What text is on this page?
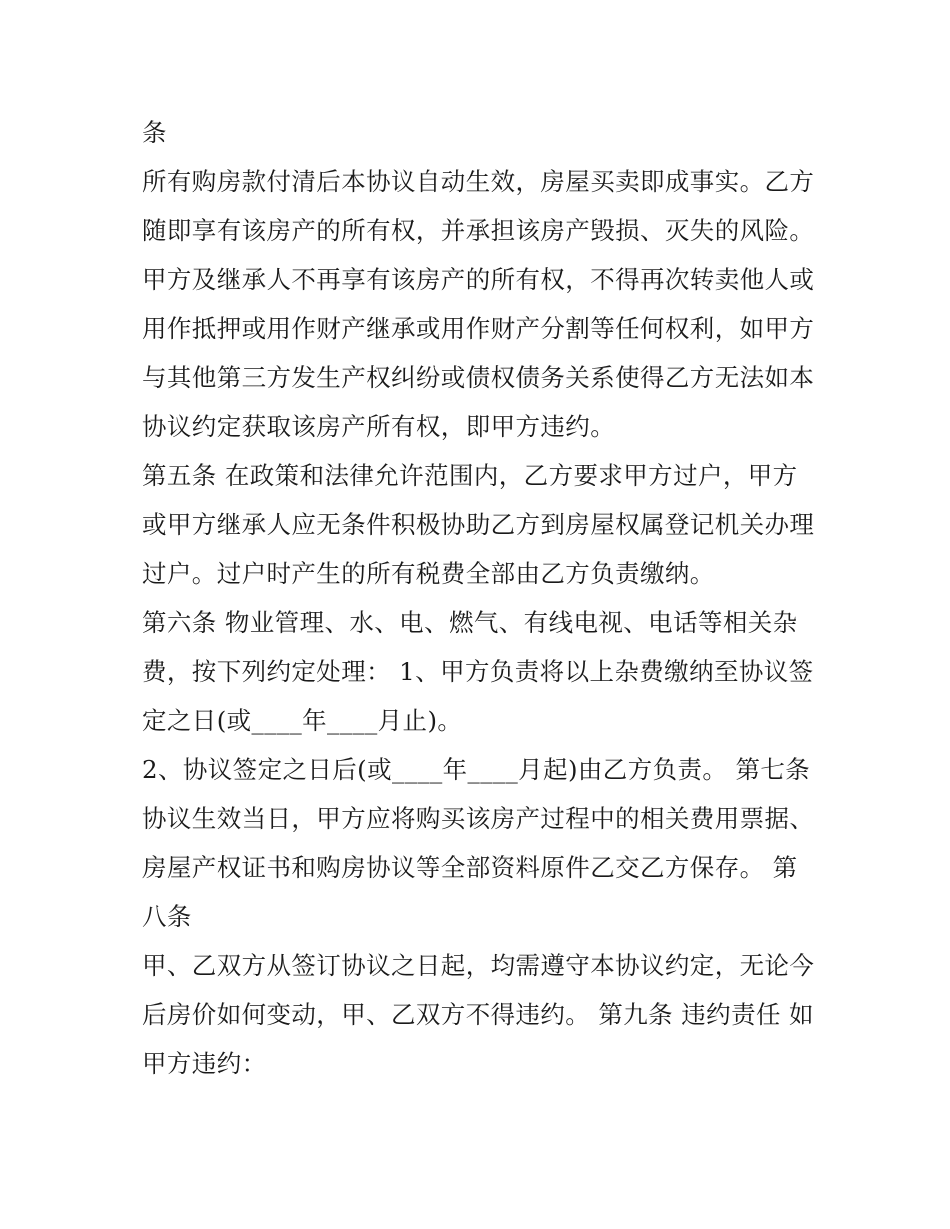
条
所有购房款付清后本协议自动生效，房屋买卖即成事实。乙方
随即享有该房产的所有权，并承担该房产毁损、灭失的风险。
甲方及继承人不再享有该房产的所有权，不得再次转卖他人或
用作抵押或用作财产继承或用作财产分割等任何权利，如甲方
与其他第三方发生产权纠纷或债权债务关系使得乙方无法如本
协议约定获取该房产所有权，即甲方违约。
第五条 在政策和法律允许范围内，乙方要求甲方过户，甲方
或甲方继承人应无条件积极协助乙方到房屋权属登记机关办理
过户。过户时产生的所有税费全部由乙方负责缴纳。
第六条 物业管理、水、电、燃气、有线电视、电话等相关杂
费，按下列约定处理： 1、甲方负责将以上杂费缴纳至协议签
定之日(或____年____月止)。
2、协议签定之日后(或____年____月起)由乙方负责。 第七条
协议生效当日，甲方应将购买该房产过程中的相关费用票据、
房屋产权证书和购房协议等全部资料原件乙交乙方保存。 第
八条
甲、乙双方从签订协议之日起，均需遵守本协议约定，无论今
后房价如何变动，甲、乙双方不得违约。 第九条 违约责任 如
甲方违约：
